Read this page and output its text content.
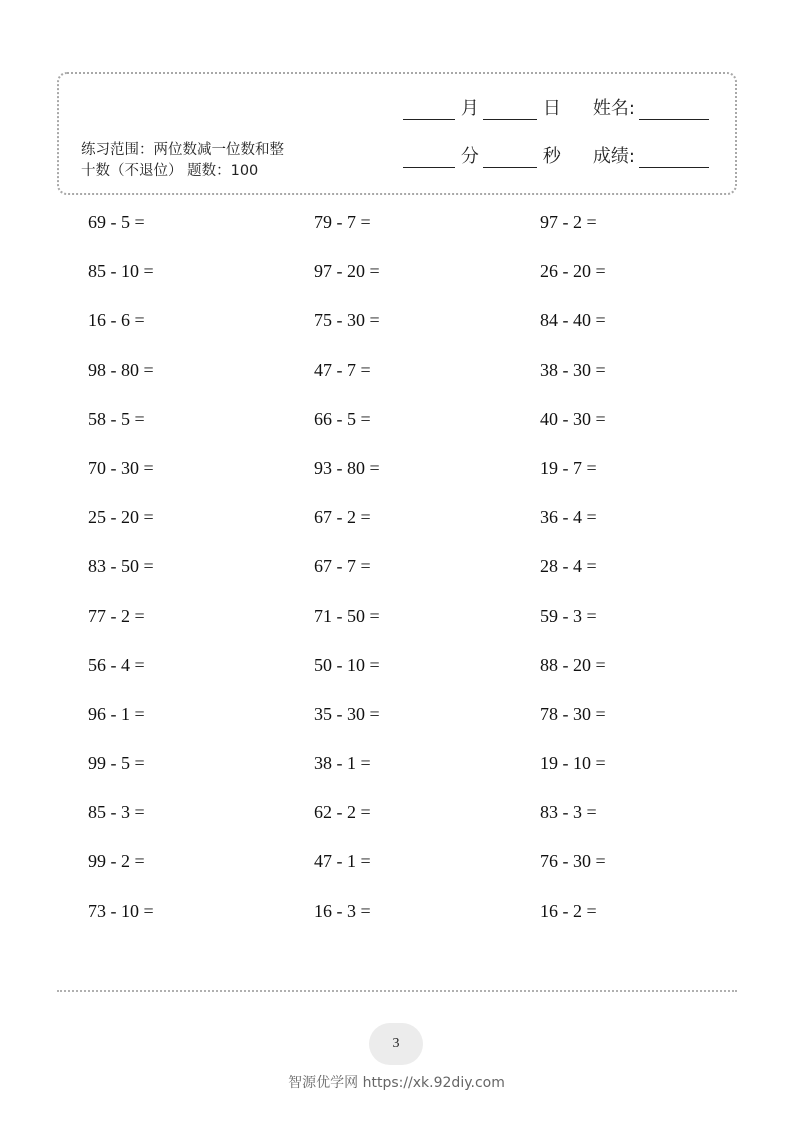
月	日 姓名:
练习范围：两位数减一位数和整
十数（不退位） 题数：100
分	秒 成绩:
69 - 5 =	79 - 7 =	97 - 2 =
85 - 10 =	97 - 20 =	26 - 20 =
16 - 6 =	75 - 30 =	84 - 40 =
98 - 80 =	47 - 7 =	38 - 30 =
58 - 5 =	66 - 5 =	40 - 30 =
70 - 30 =	93 - 80 =	19 - 7 =
25 - 20 =	67 - 2 =	36 - 4 =
83 - 50 =	67 - 7 =	28 - 4 =
77 - 2 =	71 - 50 =	59 - 3 =
56 - 4 =	50 - 10 =	88 - 20 =
96 - 1 =	35 - 30 =	78 - 30 =
99 - 5 =	38 - 1 =	19 - 10 =
85 - 3 =	62 - 2 =	83 - 3 =
99 - 2 =	47 - 1 =	76 - 30 =
73 - 10 =	16 - 3 =	16 - 2 =
3
智源优学网 https://xk.92diy.com
